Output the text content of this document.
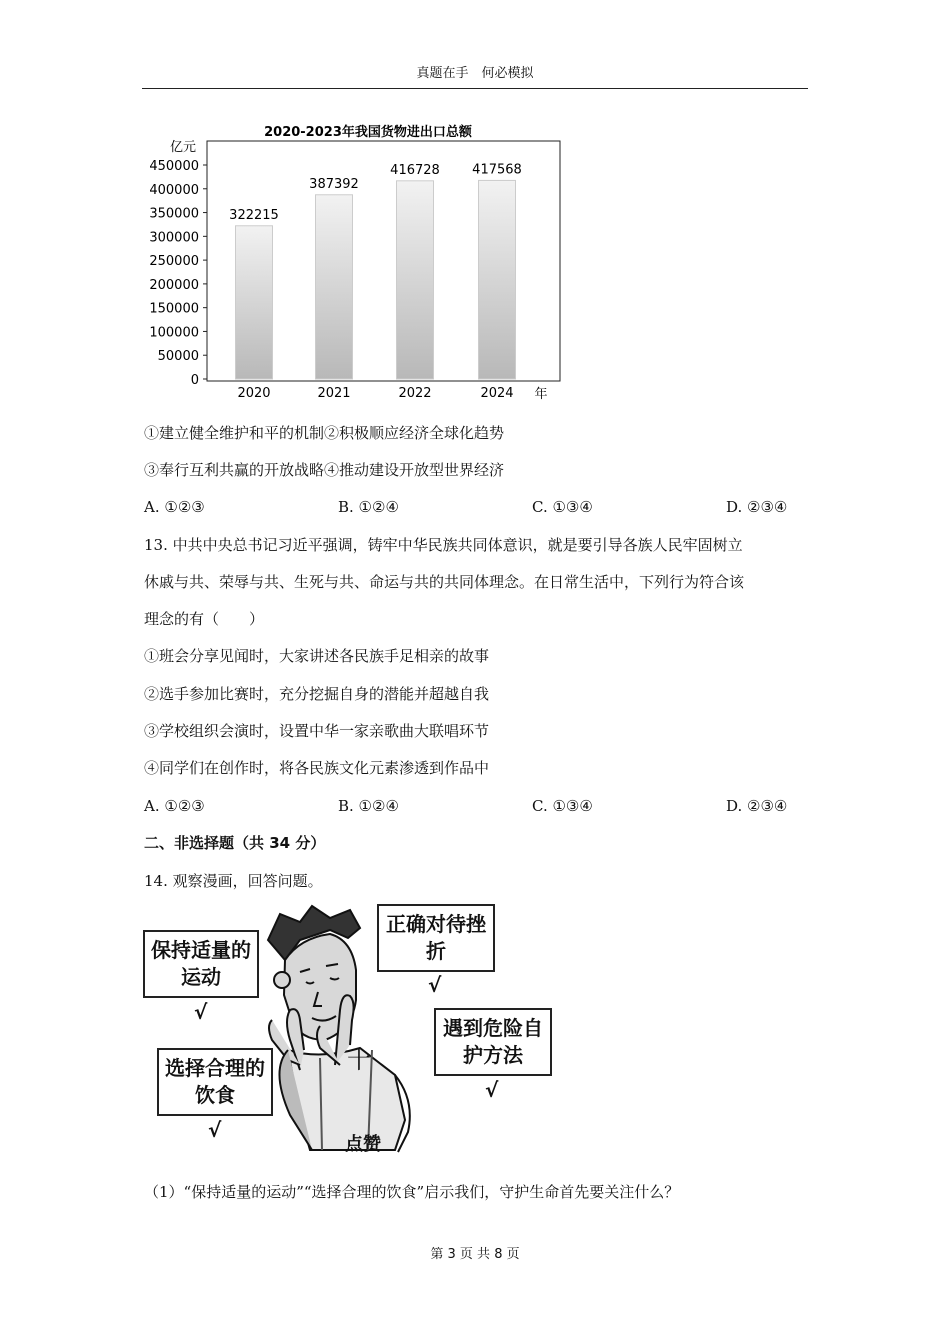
真题在手　何必模拟
2020-2023年我国货物进出口总额
亿元
450000
400000
350000
300000
250000
200000
150000
100000
50000
0
322215
2020
387392
2021
416728
2022
417568
2024 年
①建立健全维护和平的机制②积极顺应经济全球化趋势
③奉行互利共赢的开放战略④推动建设开放型世界经济
A. ①②③	B. ①②④	C. ①③④	D. ②③④
13. 中共中央总书记习近平强调，铸牢中华民族共同体意识，就是要引导各族人民牢固树立
休戚与共、荣辱与共、生死与共、命运与共的共同体理念。在日常生活中，下列行为符合该
理念的有（　　）
①班会分享见闻时，大家讲述各民族手足相亲的故事
②选手参加比赛时，充分挖掘自身的潜能并超越自我
③学校组织会演时，设置中华一家亲歌曲大联唱环节
④同学们在创作时，将各民族文化元素渗透到作品中
A. ①②③	B. ①②④	C. ①③④	D. ②③④
二、非选择题（共 34 分）
14. 观察漫画，回答问题。
十
保持适量的运动
√
正确对待挫折
√
选择合理的饮食
√
遇到危险自护方法
√
点赞
（1）“保持适量的运动”“选择合理的饮食”启示我们，守护生命首先要关注什么？
第 3 页 共 8 页
